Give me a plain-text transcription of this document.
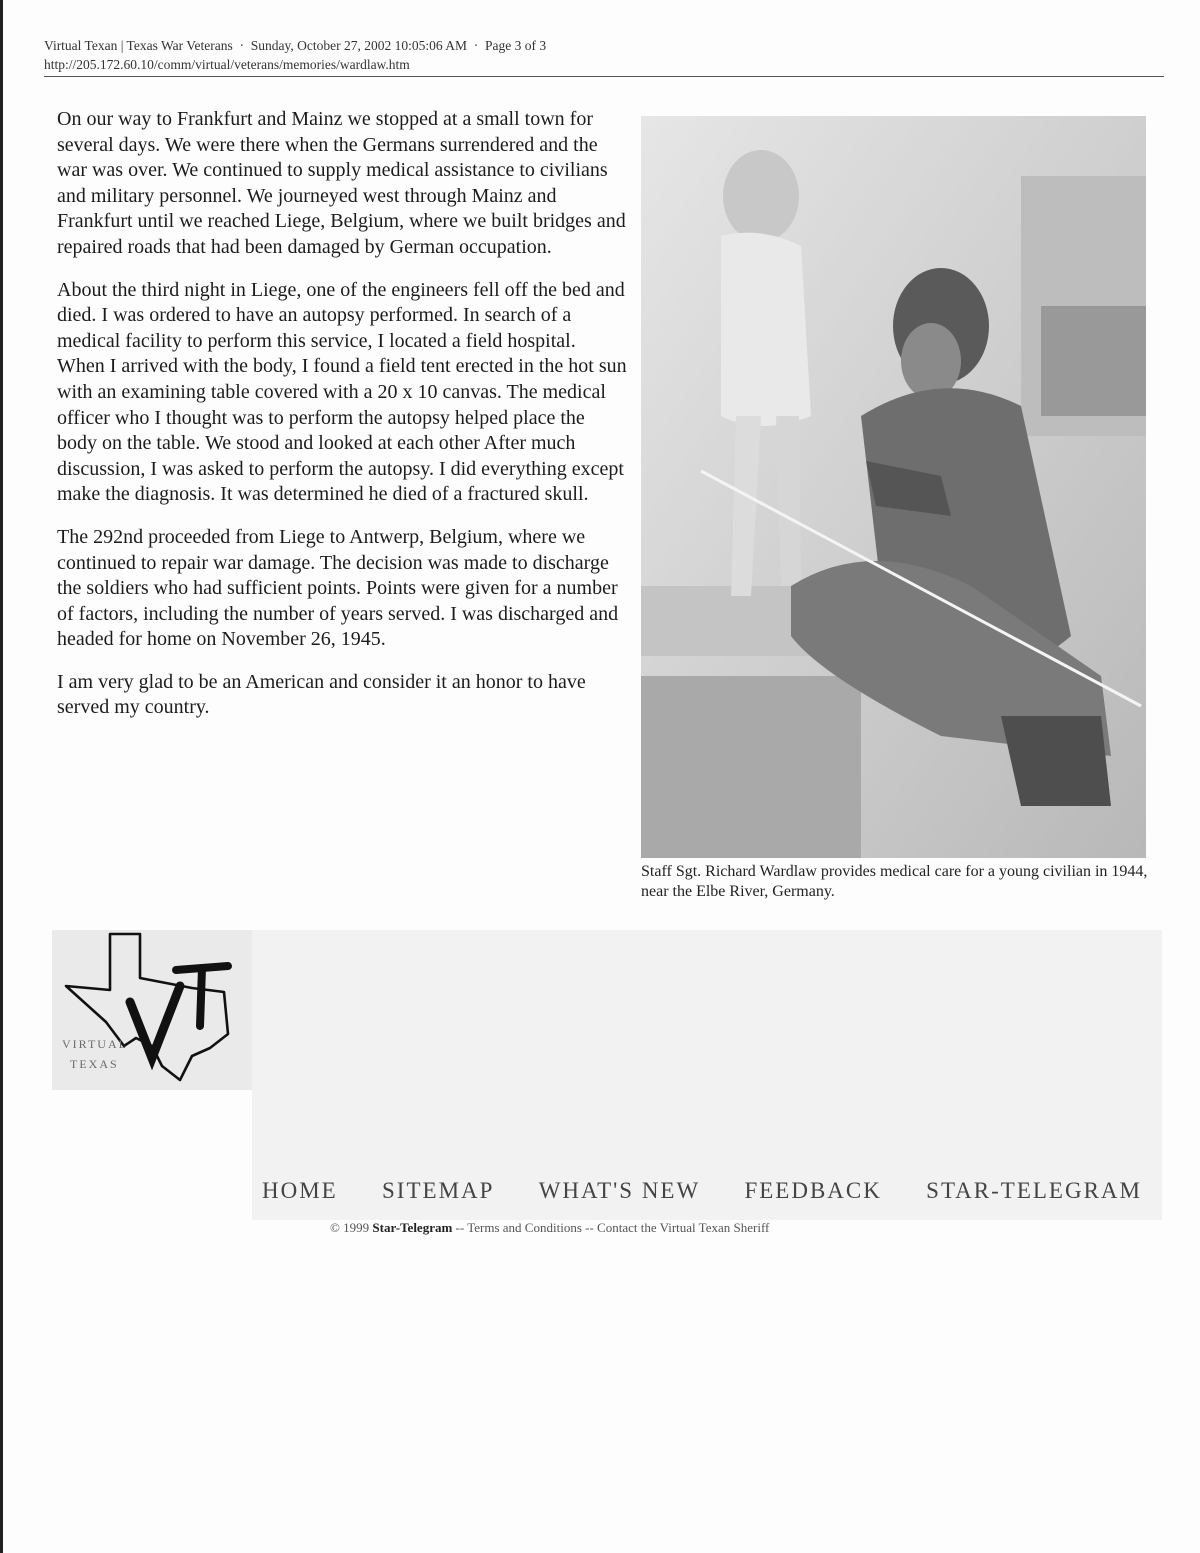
Virtual Texan | Texas War Veterans · Sunday, October 27, 2002 10:05:06 AM · Page 3 of 3
http://205.172.60.10/comm/virtual/veterans/memories/wardlaw.htm

On our way to Frankfurt and Mainz we stopped at a small town for several days. We were there when the Germans surrendered and the war was over. We continued to supply medical assistance to civilians and military personnel. We journeyed west through Mainz and Frankfurt until we reached Liege, Belgium, where we built bridges and repaired roads that had been damaged by German occupation.

About the third night in Liege, one of the engineers fell off the bed and died. I was ordered to have an autopsy performed. In search of a medical facility to perform this service, I located a field hospital. When I arrived with the body, I found a field tent erected in the hot sun with an examining table covered with a 20 x 10 canvas. The medical officer who I thought was to perform the autopsy helped place the body on the table. We stood and looked at each other After much discussion, I was asked to perform the autopsy. I did everything except make the diagnosis. It was determined he died of a fractured skull.

The 292nd proceeded from Liege to Antwerp, Belgium, where we continued to repair war damage. The decision was made to discharge the soldiers who had sufficient points. Points were given for a number of factors, including the number of years served. I was discharged and headed for home on November 26, 1945.

I am very glad to be an American and consider it an honor to have served my country.

Staff Sgt. Richard Wardlaw provides medical care for a young civilian in 1944, near the Elbe River, Germany.
VT
VIRTUAL
TEXAS
HOME SITEMAP WHAT'S NEW FEEDBACK STAR-TELEGRAM
© 1999 Star-Telegram -- Terms and Conditions -- Contact the Virtual Texan Sheriff
